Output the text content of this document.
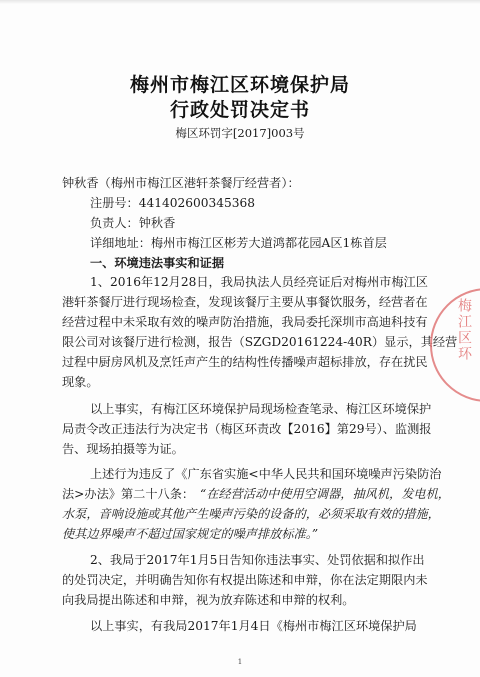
梅州市梅江区环境保护局
行政处罚决定书
梅区环罚字[2017]003号
钟秋香（梅州市梅江区港轩茶餐厅经营者）：
注册号：441402600345368
负责人：钟秋香
详细地址：梅州市梅江区彬芳大道鸿都花园A区1栋首层
一、环境违法事实和证据
1、2016年12月28日，我局执法人员经亮证后对梅州市梅江区
港轩茶餐厅进行现场检查，发现该餐厅主要从事餐饮服务，经营者在
经营过程中未采取有效的噪声防治措施，我局委托深圳市高迪科技有
限公司对该餐厅进行检测，报告（SZGD20161224-40R）显示，其经营
过程中厨房风机及烹饪声产生的结构性传播噪声超标排放，存在扰民
现象。
以上事实，有梅江区环境保护局现场检查笔录、梅江区环境保护
局责令改正违法行为决定书（梅区环责改【2016】第29号）、监测报
告、现场拍摄等为证。
上述行为违反了《广东省实施<中华人民共和国环境噪声污染防治
法>办法》第二十八条： “在经营活动中使用空调器，抽风机，发电机，
水泵，音响设施或其他产生噪声污染的设备的，必须采取有效的措施，
使其边界噪声不超过国家规定的噪声排放标准。”
2、我局于2017年1月5日告知你违法事实、处罚依据和拟作出
的处罚决定，并明确告知你有权提出陈述和申辩，你在法定期限内未
向我局提出陈述和申辩，视为放弃陈述和申辩的权利。
以上事实，有我局2017年1月4日《梅州市梅江区环境保护局
梅江区环
1
